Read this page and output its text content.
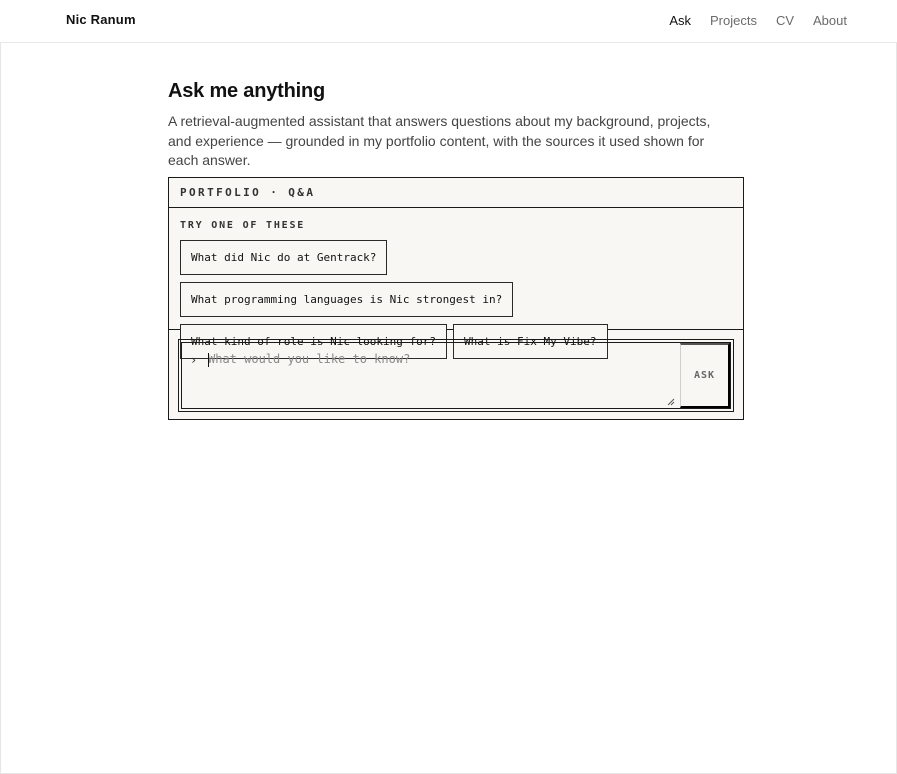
Nic Ranum	Ask Projects CV About
Ask me anything

A retrieval-augmented assistant that answers questions about my background, projects, and experience — grounded in my portfolio content, with the sources it used shown for each answer.

PORTFOLIO · Q&A
TRY ONE OF THESE
What did Nic do at Gentrack?
What programming languages is Nic strongest in?
What kind of role is Nic looking for?	What is Fix My Vibe?
›
What would you like to know?
ASK
